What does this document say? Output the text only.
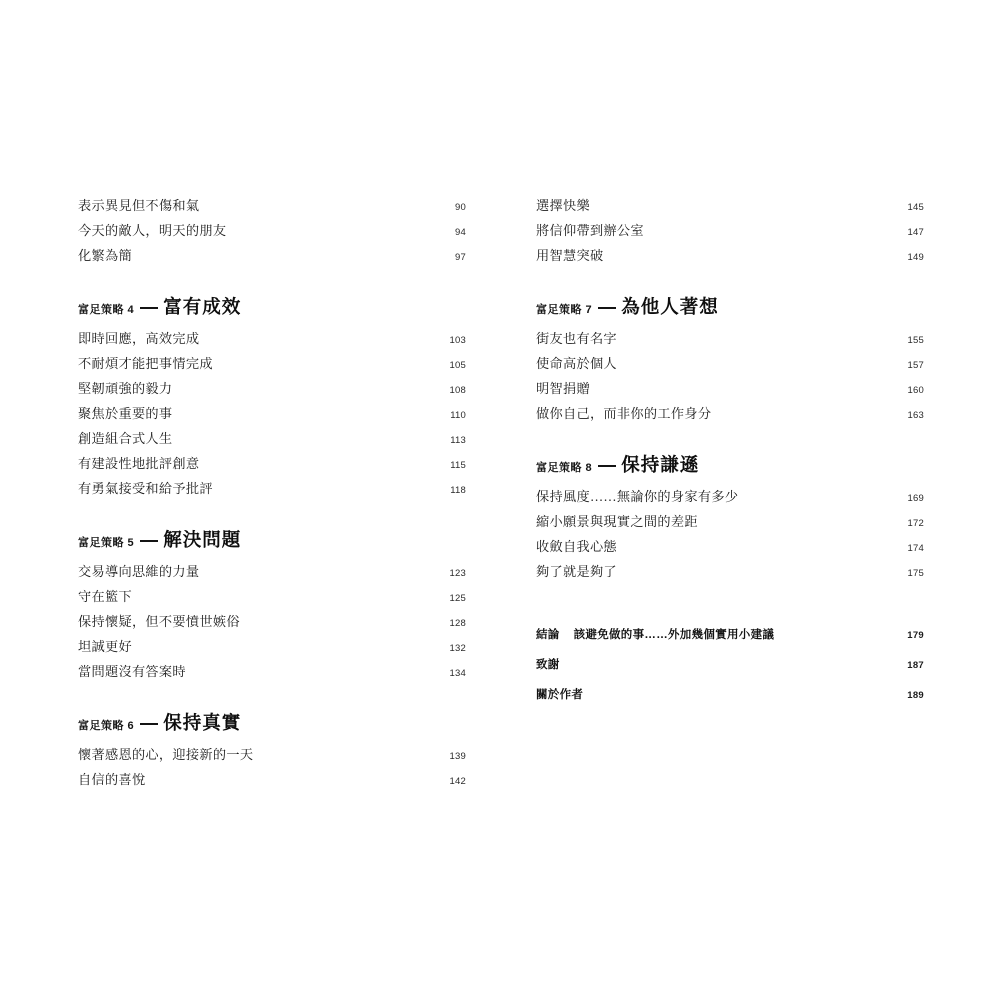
表示異見但不傷和氣	90
今天的敵人，明天的朋友	94
化繁為簡	97
富足策略 4 富有成效
即時回應，高效完成	103
不耐煩才能把事情完成	105
堅韌頑強的毅力	108
聚焦於重要的事	110
創造組合式人生	113
有建設性地批評創意	115
有勇氣接受和給予批評	118
富足策略 5 解決問題
交易導向思維的力量	123
守在籃下	125
保持懷疑，但不要憤世嫉俗	128
坦誠更好	132
當問題沒有答案時	134
富足策略 6 保持真實
懷著感恩的心，迎接新的一天	139
自信的喜悅	142
選擇快樂	145
將信仰帶到辦公室	147
用智慧突破	149
富足策略 7 為他人著想
街友也有名字	155
使命高於個人	157
明智捐贈	160
做你自己，而非你的工作身分	163
富足策略 8 保持謙遜
保持風度……無論你的身家有多少	169
縮小願景與現實之間的差距	172
收斂自我心態	174
夠了就是夠了	175
結論 該避免做的事……外加幾個實用小建議	179
致謝	187
關於作者	189
